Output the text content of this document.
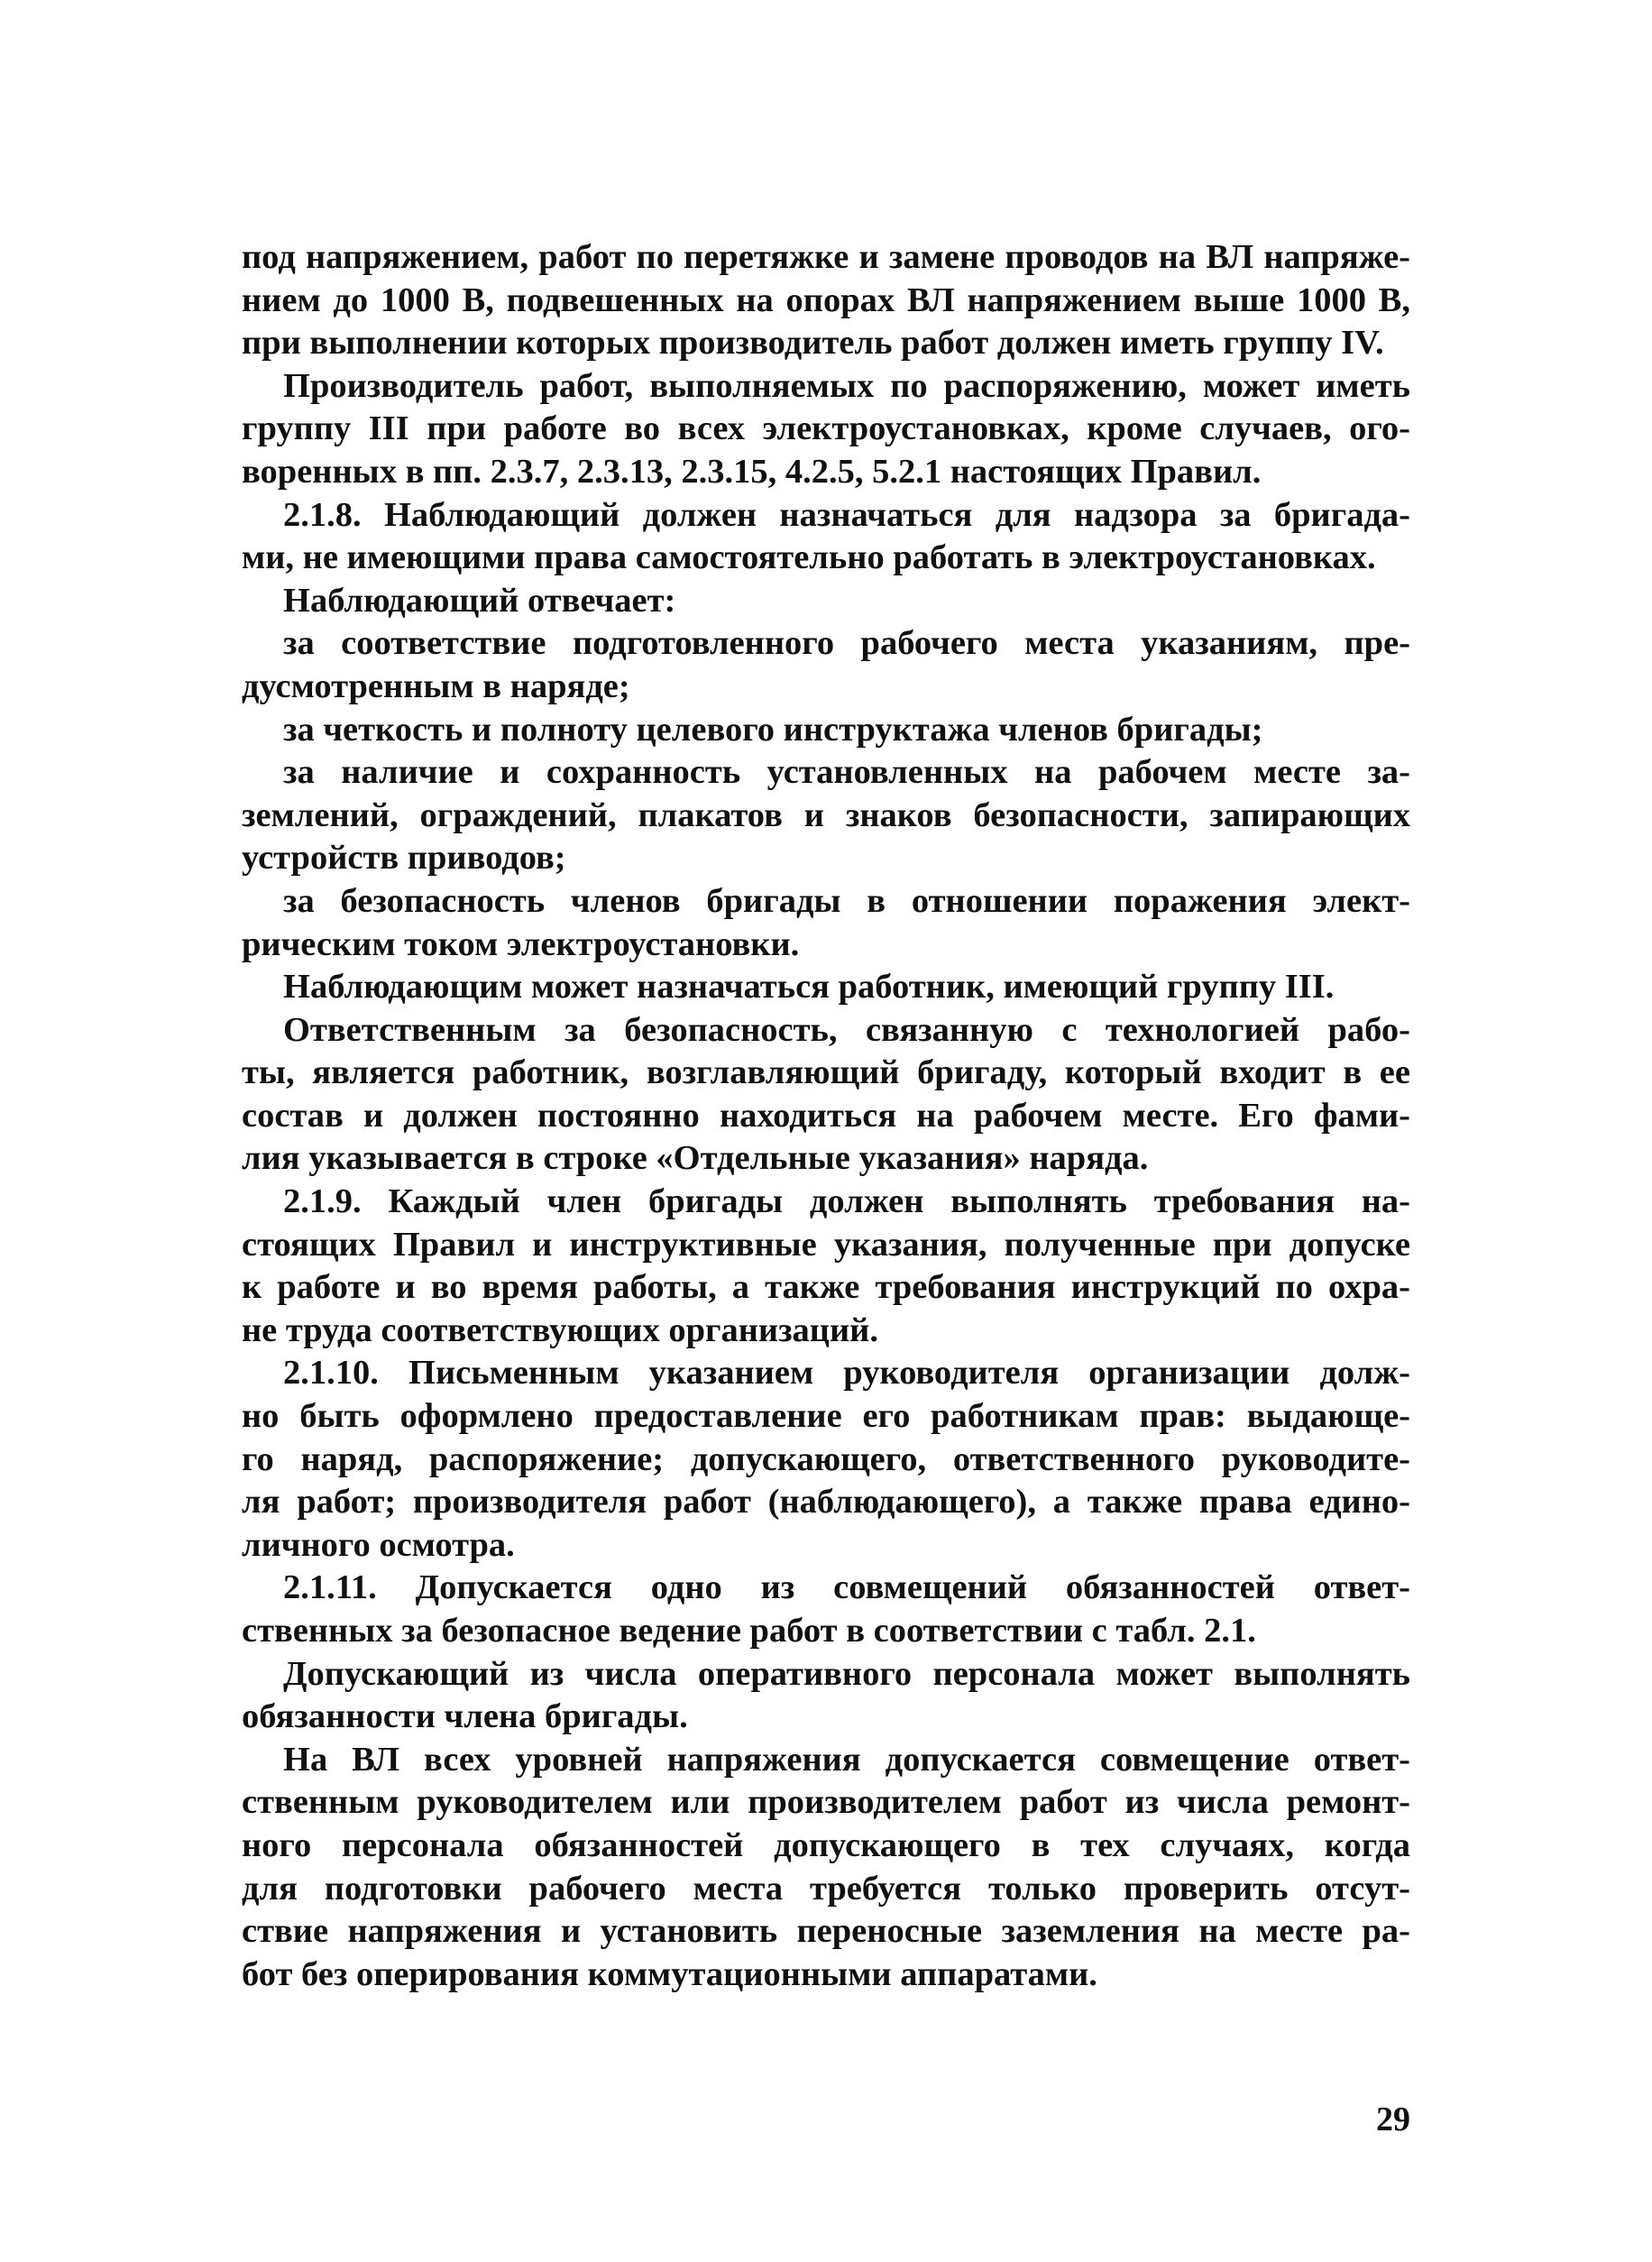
под напряжением, работ по перетяжке и замене проводов на ВЛ напряже-
нием до 1000 В, подвешенных на опорах ВЛ напряжением выше 1000 В,
при выполнении которых производитель работ должен иметь группу IV.

Производитель работ, выполняемых по распоряжению, может иметь
группу III при работе во всех электроустановках, кроме случаев, ого-
воренных в пп. 2.3.7, 2.3.13, 2.3.15, 4.2.5, 5.2.1 настоящих Правил.

2.1.8. Наблюдающий должен назначаться для надзора за бригада-
ми, не имеющими права самостоятельно работать в электроустановках.

Наблюдающий отвечает:

за соответствие подготовленного рабочего места указаниям, пре-
дусмотренным в наряде;

за четкость и полноту целевого инструктажа членов бригады;

за наличие и сохранность установленных на рабочем месте за-
землений, ограждений, плакатов и знаков безопасности, запирающих
устройств приводов;

за безопасность членов бригады в отношении поражения элект-
рическим током электроустановки.

Наблюдающим может назначаться работник, имеющий группу III.

Ответственным за безопасность, связанную с технологией рабо-
ты, является работник, возглавляющий бригаду, который входит в ее
состав и должен постоянно находиться на рабочем месте. Его фами-
лия указывается в строке «Отдельные указания» наряда.

2.1.9. Каждый член бригады должен выполнять требования на-
стоящих Правил и инструктивные указания, полученные при допуске
к работе и во время работы, а также требования инструкций по охра-
не труда соответствующих организаций.

2.1.10. Письменным указанием руководителя организации долж-
но быть оформлено предоставление его работникам прав: выдающе-
го наряд, распоряжение; допускающего, ответственного руководите-
ля работ; производителя работ (наблюдающего), а также права едино-
личного осмотра.

2.1.11. Допускается одно из совмещений обязанностей ответ-
ственных за безопасное ведение работ в соответствии с табл. 2.1.

Допускающий из числа оперативного персонала может выполнять
обязанности члена бригады.

На ВЛ всех уровней напряжения допускается совмещение ответ-
ственным руководителем или производителем работ из числа ремонт-
ного персонала обязанностей допускающего в тех случаях, когда
для подготовки рабочего места требуется только проверить отсут-
ствие напряжения и установить переносные заземления на месте ра-
бот без оперирования коммутационными аппаратами.

29
